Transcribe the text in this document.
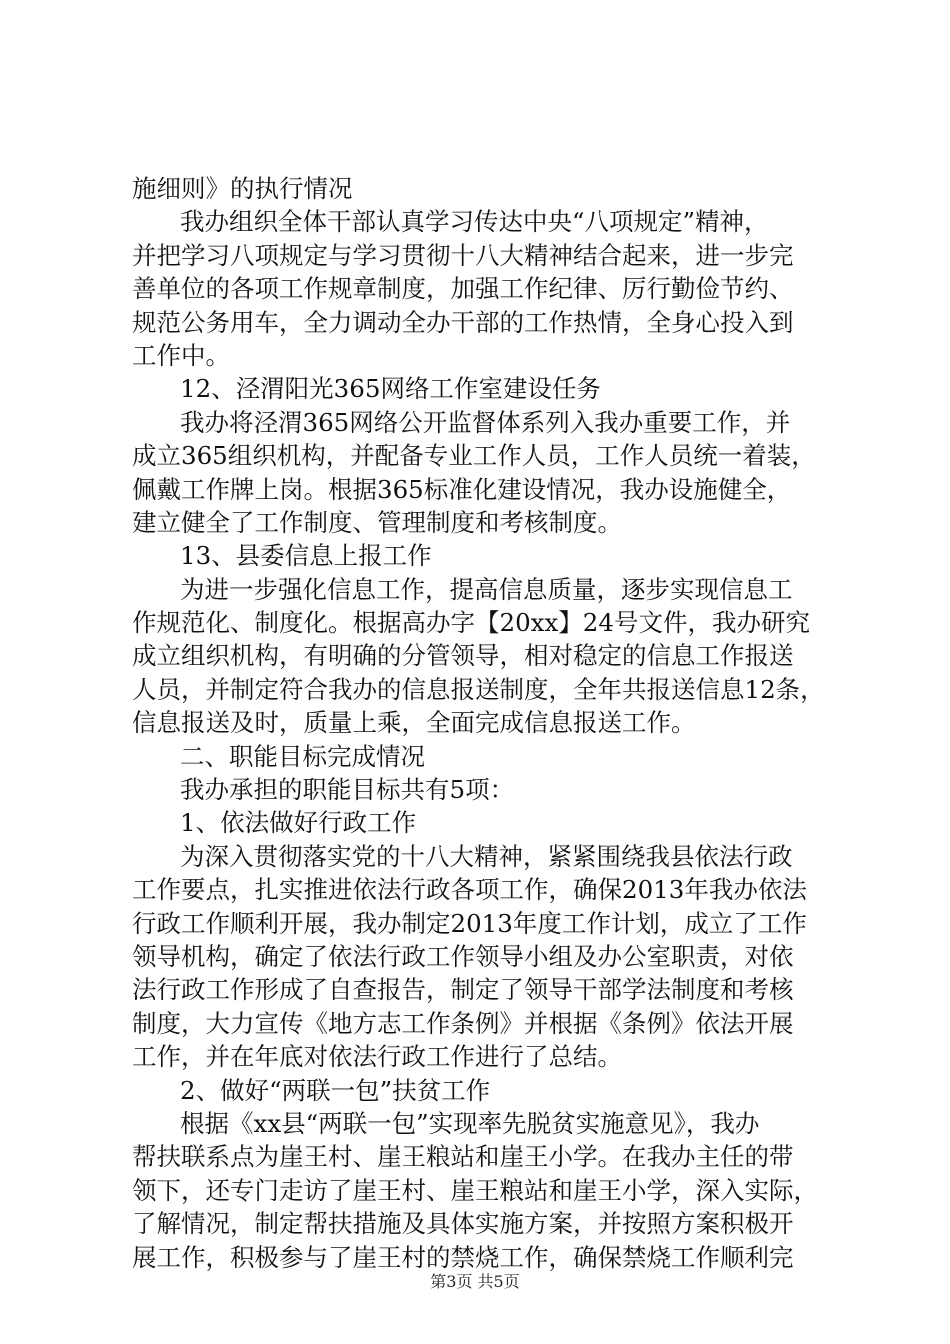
施细则》的执行情况
我办组织全体干部认真学习传达中央“八项规定”精神，
并把学习八项规定与学习贯彻十八大精神结合起来，进一步完
善单位的各项工作规章制度，加强工作纪律、厉行勤俭节约、
规范公务用车，全力调动全办干部的工作热情，全身心投入到
工作中。
12、泾渭阳光365网络工作室建设任务
我办将泾渭365网络公开监督体系列入我办重要工作，并
成立365组织机构，并配备专业工作人员，工作人员统一着装，
佩戴工作牌上岗。根据365标准化建设情况，我办设施健全，
建立健全了工作制度、管理制度和考核制度。
13、县委信息上报工作
为进一步强化信息工作，提高信息质量，逐步实现信息工
作规范化、制度化。根据高办字【20xx】24号文件，我办研究
成立组织机构，有明确的分管领导，相对稳定的信息工作报送
人员，并制定符合我办的信息报送制度，全年共报送信息12条，
信息报送及时，质量上乘，全面完成信息报送工作。
二、职能目标完成情况
我办承担的职能目标共有5项：
1、依法做好行政工作
为深入贯彻落实党的十八大精神，紧紧围绕我县依法行政
工作要点，扎实推进依法行政各项工作，确保2013年我办依法
行政工作顺利开展，我办制定2013年度工作计划，成立了工作
领导机构，确定了依法行政工作领导小组及办公室职责，对依
法行政工作形成了自查报告，制定了领导干部学法制度和考核
制度，大力宣传《地方志工作条例》并根据《条例》依法开展
工作，并在年底对依法行政工作进行了总结。
2、做好“两联一包”扶贫工作
根据《xx县“两联一包”实现率先脱贫实施意见》，我办
帮扶联系点为崖王村、崖王粮站和崖王小学。在我办主任的带
领下，还专门走访了崖王村、崖王粮站和崖王小学，深入实际，
了解情况，制定帮扶措施及具体实施方案，并按照方案积极开
展工作，积极参与了崖王村的禁烧工作，确保禁烧工作顺利完
第3页 共5页
